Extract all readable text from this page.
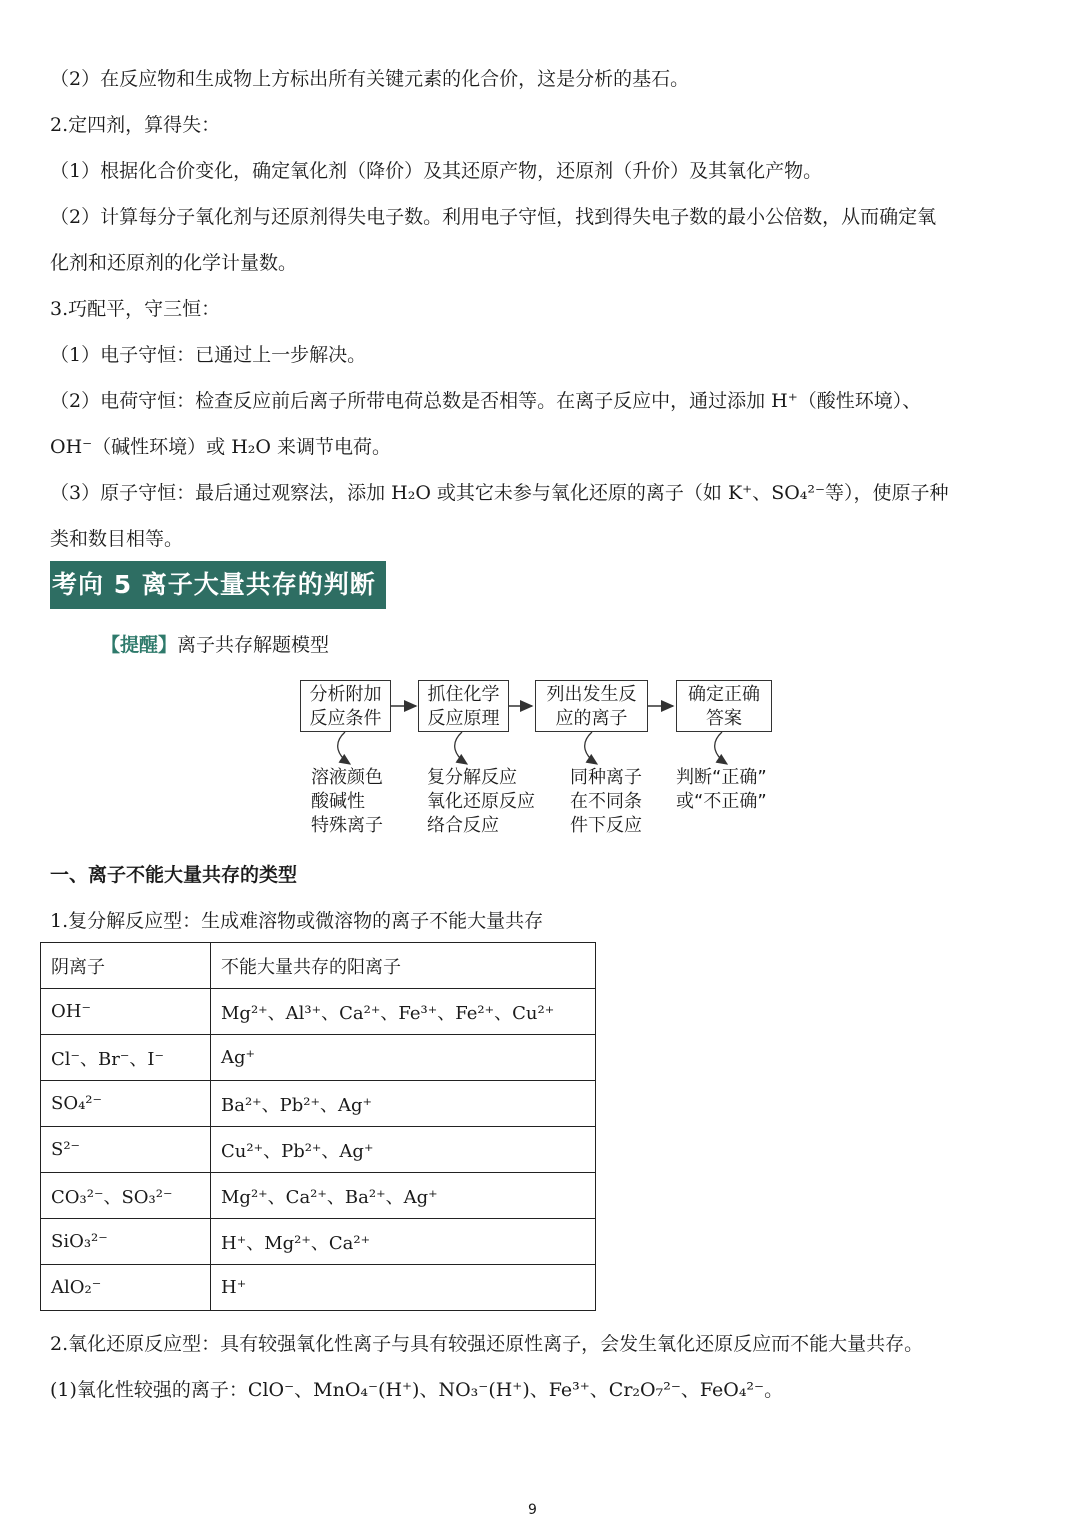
（2）在反应物和生成物上方标出所有关键元素的化合价，这是分析的基石。
2.定四剂，算得失：
（1）根据化合价变化，确定氧化剂（降价）及其还原产物，还原剂（升价）及其氧化产物。
（2）计算每分子氧化剂与还原剂得失电子数。利用电子守恒，找到得失电子数的最小公倍数，从而确定氧
化剂和还原剂的化学计量数。
3.巧配平，守三恒：
（1）电子守恒：已通过上一步解决。
（2）电荷守恒：检查反应前后离子所带电荷总数是否相等。在离子反应中，通过添加 H⁺（酸性环境）、
OH⁻（碱性环境）或 H₂O 来调节电荷。
（3）原子守恒：最后通过观察法，添加 H₂O 或其它未参与氧化还原的离子（如 K⁺、SO₄²⁻等），使原子种
类和数目相等。
考向 5 离子大量共存的判断
【提醒】离子共存解题模型
分析附加
反应条件
抓住化学
反应原理
列出发生反
应的离子
确定正确
答案
溶液颜色
酸碱性
特殊离子
复分解反应
氧化还原反应
络合反应
同种离子
在不同条
件下反应
判断“正确”
或“不正确”
一、离子不能大量共存的类型
1.复分解反应型：生成难溶物或微溶物的离子不能大量共存
阴离子	不能大量共存的阳离子
OH⁻	Mg²⁺、Al³⁺、Ca²⁺、Fe³⁺、Fe²⁺、Cu²⁺
Cl⁻、Br⁻、I⁻	Ag⁺
SO₄²⁻	Ba²⁺、Pb²⁺、Ag⁺
S²⁻	Cu²⁺、Pb²⁺、Ag⁺
CO₃²⁻、SO₃²⁻	Mg²⁺、Ca²⁺、Ba²⁺、Ag⁺
SiO₃²⁻	H⁺、Mg²⁺、Ca²⁺
AlO₂⁻	H⁺
2.氧化还原反应型：具有较强氧化性离子与具有较强还原性离子，会发生氧化还原反应而不能大量共存。
(1)氧化性较强的离子：ClO⁻、MnO₄⁻(H⁺)、NO₃⁻(H⁺)、Fe³⁺、Cr₂O₇²⁻、FeO₄²⁻。
9
